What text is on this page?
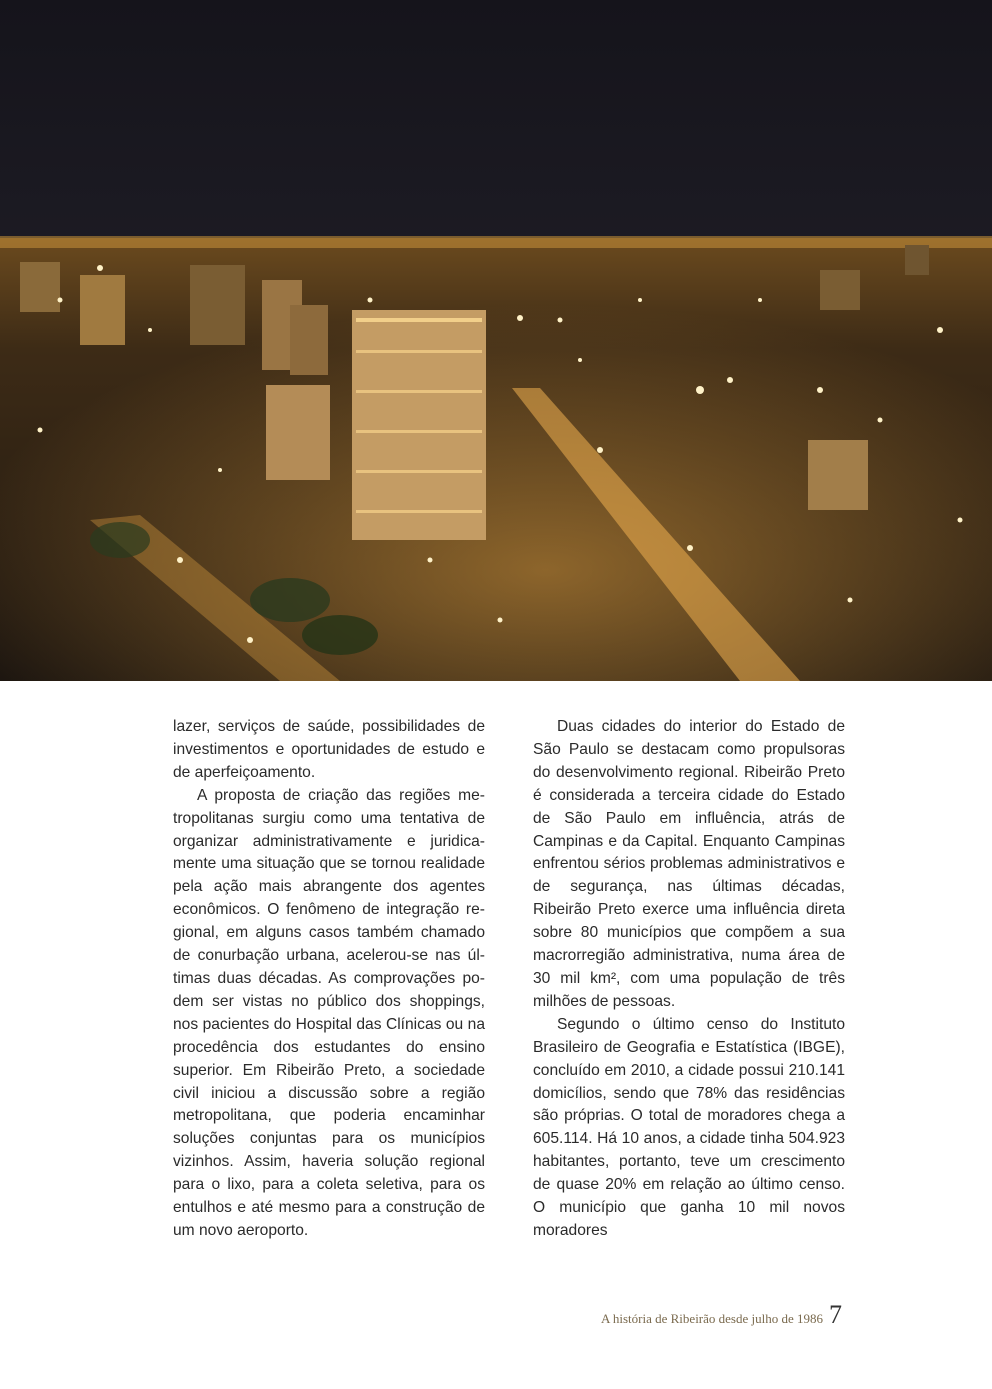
lazer, serviços de saúde, possibilidades de investimentos e oportunidades de estudo e de aperfeiçoamento.

A proposta de criação das regiões metropolitanas surgiu como uma tentativa de organizar administrativamente e juridicamente uma situação que se tornou realidade pela ação mais abrangente dos agentes econômicos. O fenômeno de integração regional, em alguns casos também chamado de conurbação urbana, acelerou-se nas últimas duas décadas. As comprovações podem ser vistas no público dos shoppings, nos pacientes do Hospital das Clínicas ou na procedência dos estudantes do ensino superior. Em Ribeirão Preto, a sociedade civil iniciou a discussão sobre a região metropolitana, que poderia encaminhar soluções conjuntas para os municípios vizinhos. Assim, haveria solução regional para o lixo, para a coleta seletiva, para os entulhos e até mesmo para a construção de um novo aeroporto.

Duas cidades do interior do Estado de São Paulo se destacam como propulsoras do desenvolvimento regional. Ribeirão Preto é considerada a terceira cidade do Estado de São Paulo em influência, atrás de Campinas e da Capital. Enquanto Campinas enfrentou sérios problemas administrativos e de segurança, nas últimas décadas, Ribeirão Preto exerce uma influência direta sobre 80 municípios que compõem a sua macrorregião administrativa, numa área de 30 mil km², com uma população de três milhões de pessoas.

Segundo o último censo do Instituto Brasileiro de Geografia e Estatística (IBGE), concluído em 2010, a cidade possui 210.141 domicílios, sendo que 78% das residências são próprias. O total de moradores chega a 605.114. Há 10 anos, a cidade tinha 504.923 habitantes, portanto, teve um crescimento de quase 20% em relação ao último censo. O município que ganha 10 mil novos moradores

A história de Ribeirão desde julho de 1986 7
